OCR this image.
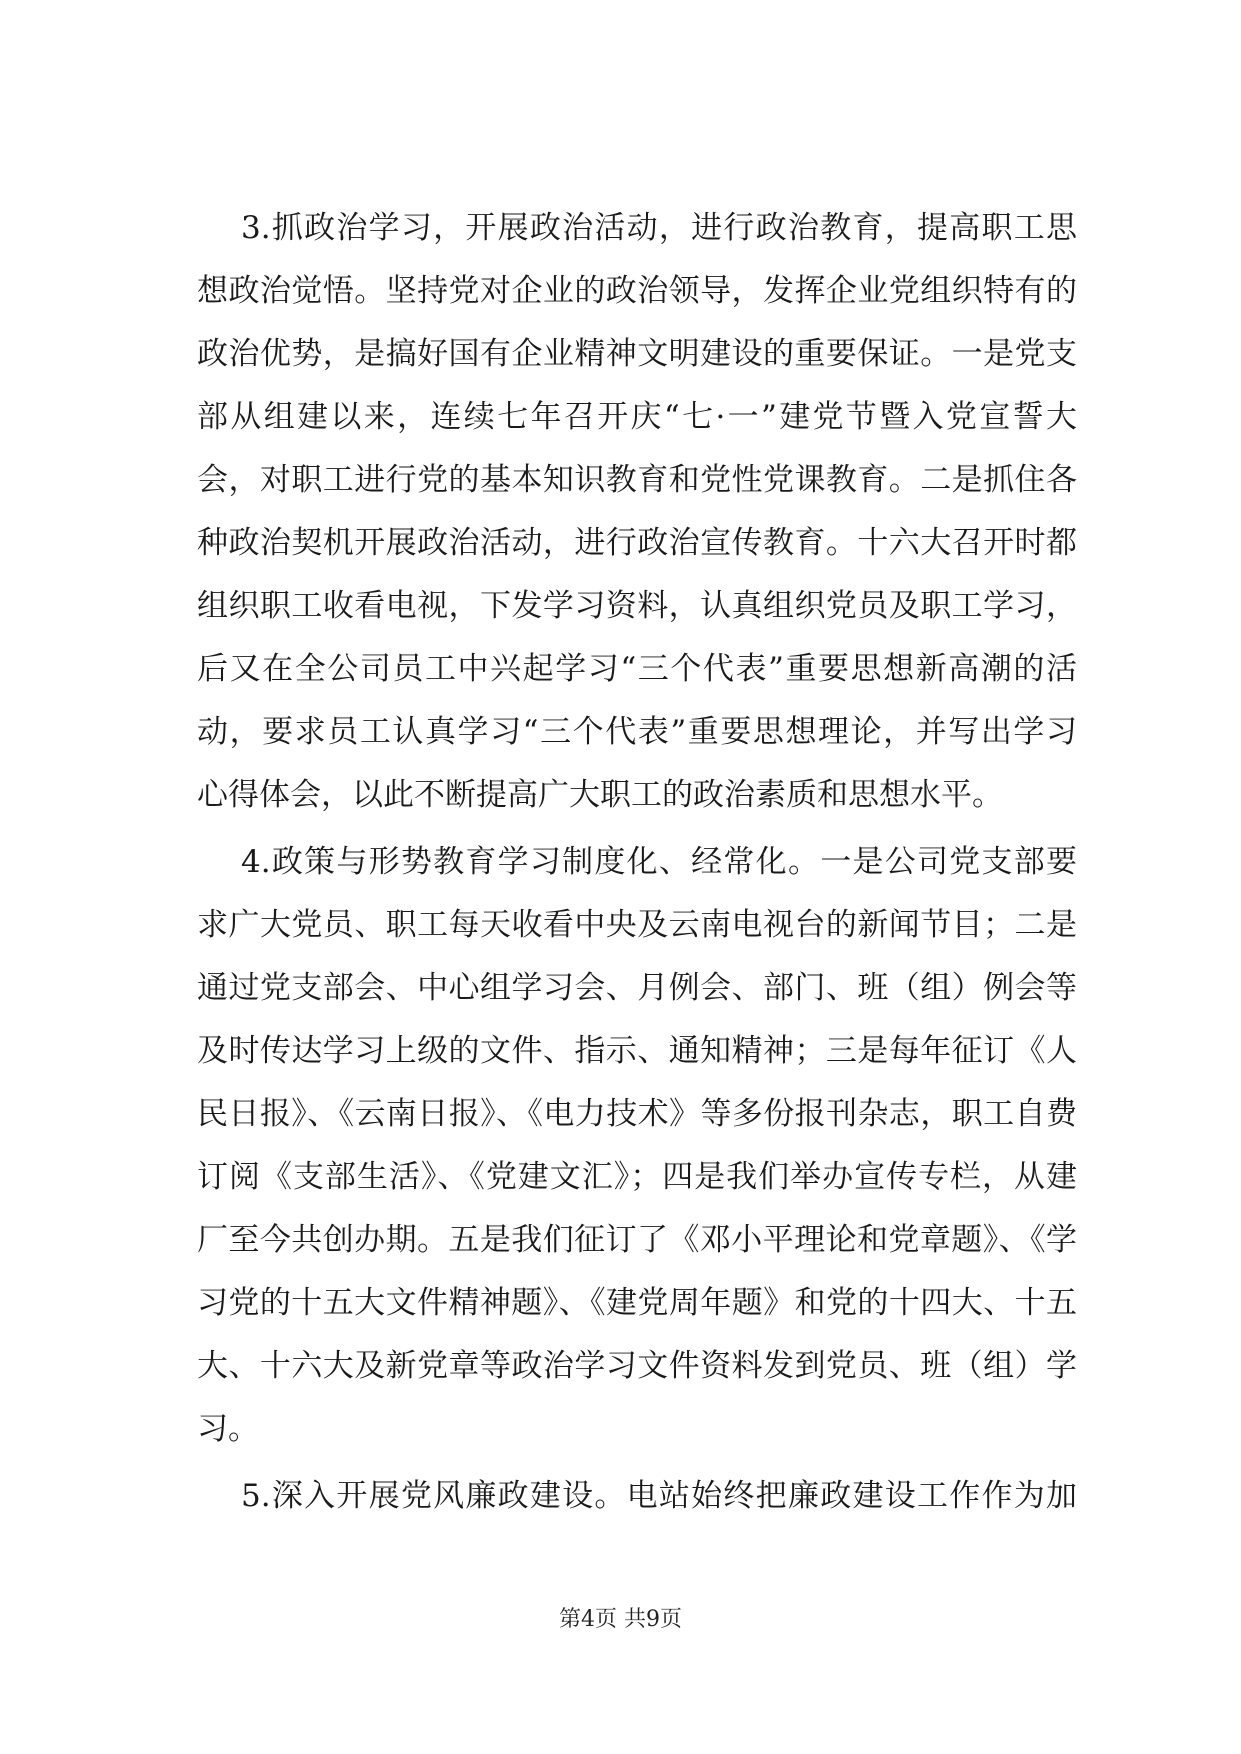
3.抓政治学习，开展政治活动，进行政治教育，提高职工思
想政治觉悟。坚持党对企业的政治领导，发挥企业党组织特有的
政治优势，是搞好国有企业精神文明建设的重要保证。一是党支
部从组建以来，连续七年召开庆“七·一”建党节暨入党宣誓大
会，对职工进行党的基本知识教育和党性党课教育。二是抓住各
种政治契机开展政治活动，进行政治宣传教育。十六大召开时都
组织职工收看电视，下发学习资料，认真组织党员及职工学习，
后又在全公司员工中兴起学习“三个代表”重要思想新高潮的活
动，要求员工认真学习“三个代表”重要思想理论，并写出学习
心得体会，以此不断提高广大职工的政治素质和思想水平。
4.政策与形势教育学习制度化、经常化。一是公司党支部要
求广大党员、职工每天收看中央及云南电视台的新闻节目；二是
通过党支部会、中心组学习会、月例会、部门、班（组）例会等
及时传达学习上级的文件、指示、通知精神；三是每年征订《人
民日报》、《云南日报》、《电力技术》等多份报刊杂志，职工自费
订阅《支部生活》、《党建文汇》；四是我们举办宣传专栏，从建
厂至今共创办期。五是我们征订了《邓小平理论和党章题》、《学
习党的十五大文件精神题》、《建党周年题》和党的十四大、十五
大、十六大及新党章等政治学习文件资料发到党员、班（组）学
习。
5.深入开展党风廉政建设。电站始终把廉政建设工作作为加
第4页 共9页
